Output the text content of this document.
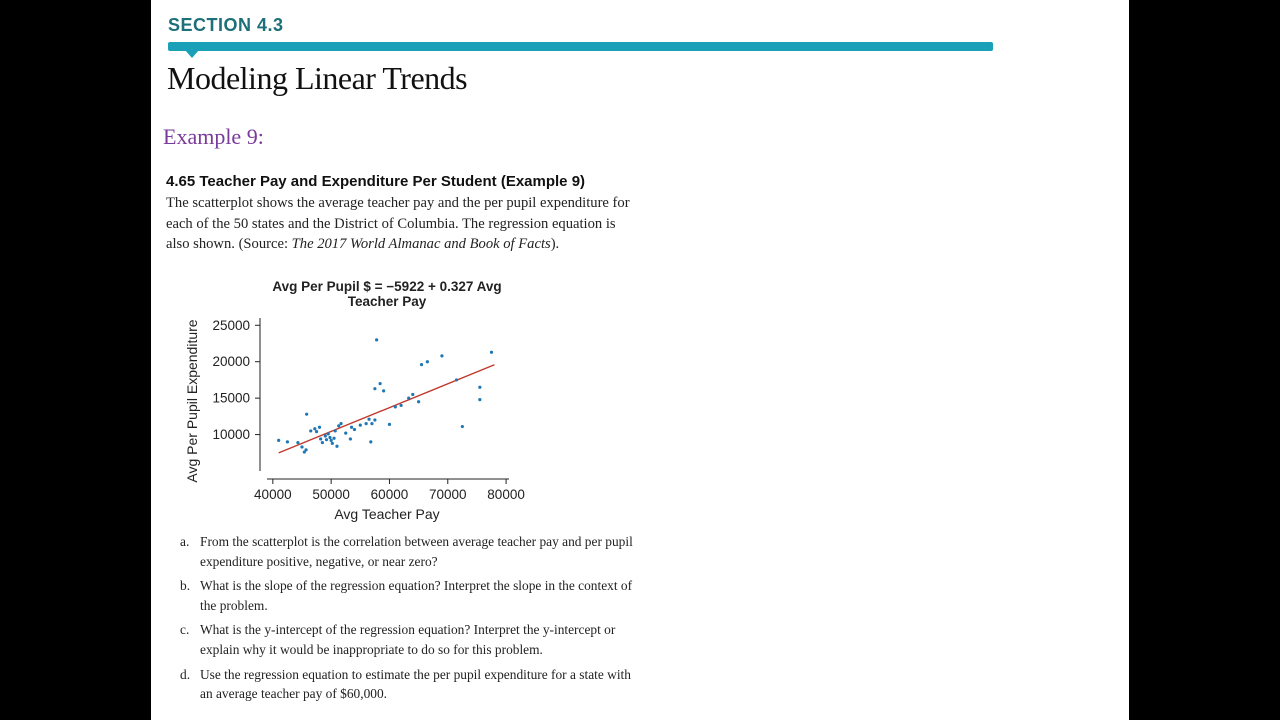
SECTION 4.3
Modeling Linear Trends
Example 9:
4.65 Teacher Pay and Expenditure Per Student (Example 9)

The scatterplot shows the average teacher pay and the per pupil expenditure for each of the 50 states and the District of Columbia. The regression equation is also shown. (Source: The 2017 World Almanac and Book of Facts).

Avg Per Pupil $ = −5922 + 0.327 Avg
Teacher Pay
10000
15000
20000
25000
40000 50000 60000 70000 80000
Avg Teacher Pay
Avg Per Pupil Expenditure
a. From the scatterplot is the correlation between average teacher pay and per pupil expenditure positive, negative, or near zero?
b. What is the slope of the regression equation? Interpret the slope in the context of the problem.
c. What is the y-intercept of the regression equation? Interpret the y-intercept or explain why it would be inappropriate to do so for this problem.
d. Use the regression equation to estimate the per pupil expenditure for a state with an average teacher pay of $60,000.
